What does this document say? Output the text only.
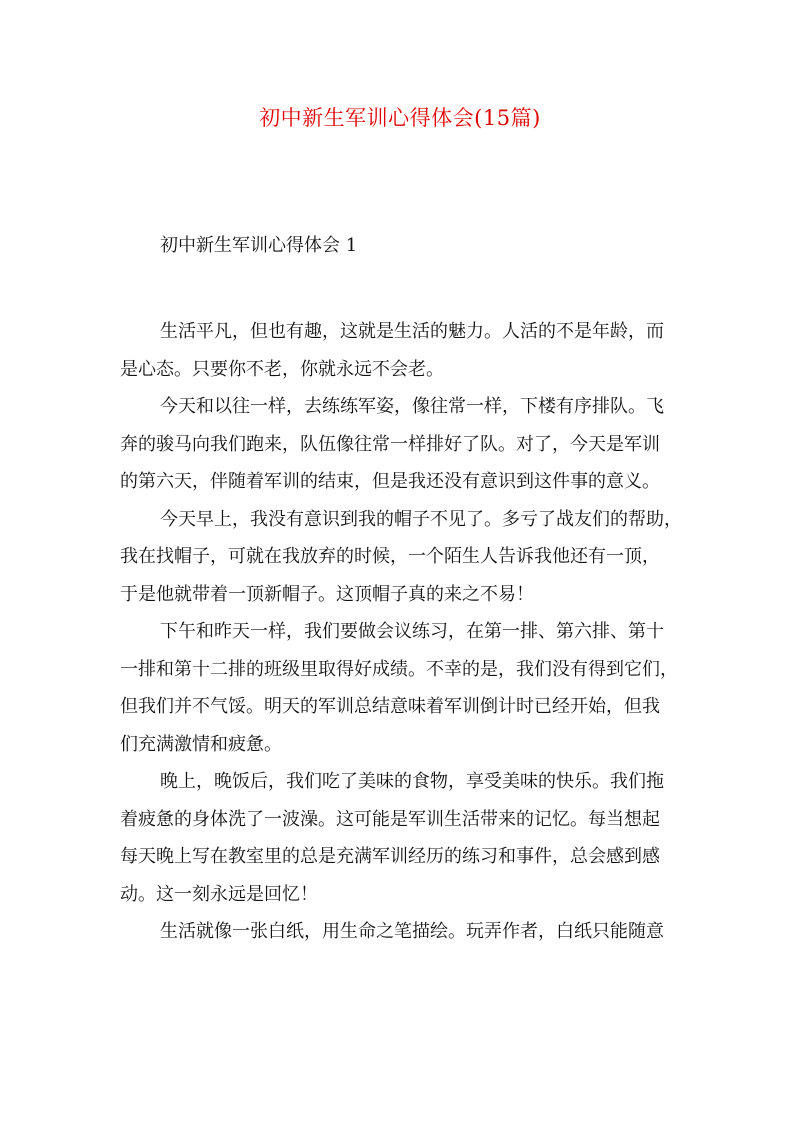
初中新生军训心得体会(15篇)
初中新生军训心得体会 1
生活平凡，但也有趣，这就是生活的魅力。人活的不是年龄，而
是心态。只要你不老，你就永远不会老。
今天和以往一样，去练练军姿，像往常一样，下楼有序排队。飞
奔的骏马向我们跑来，队伍像往常一样排好了队。对了，今天是军训
的第六天，伴随着军训的结束，但是我还没有意识到这件事的意义。
今天早上，我没有意识到我的帽子不见了。多亏了战友们的帮助，
我在找帽子，可就在我放弃的时候，一个陌生人告诉我他还有一顶，
于是他就带着一顶新帽子。这顶帽子真的来之不易！
下午和昨天一样，我们要做会议练习，在第一排、第六排、第十
一排和第十二排的班级里取得好成绩。不幸的是，我们没有得到它们，
但我们并不气馁。明天的军训总结意味着军训倒计时已经开始，但我
们充满激情和疲惫。
晚上，晚饭后，我们吃了美味的食物，享受美味的快乐。我们拖
着疲惫的身体洗了一波澡。这可能是军训生活带来的记忆。每当想起
每天晚上写在教室里的总是充满军训经历的练习和事件，总会感到感
动。这一刻永远是回忆！
生活就像一张白纸，用生命之笔描绘。玩弄作者，白纸只能随意
